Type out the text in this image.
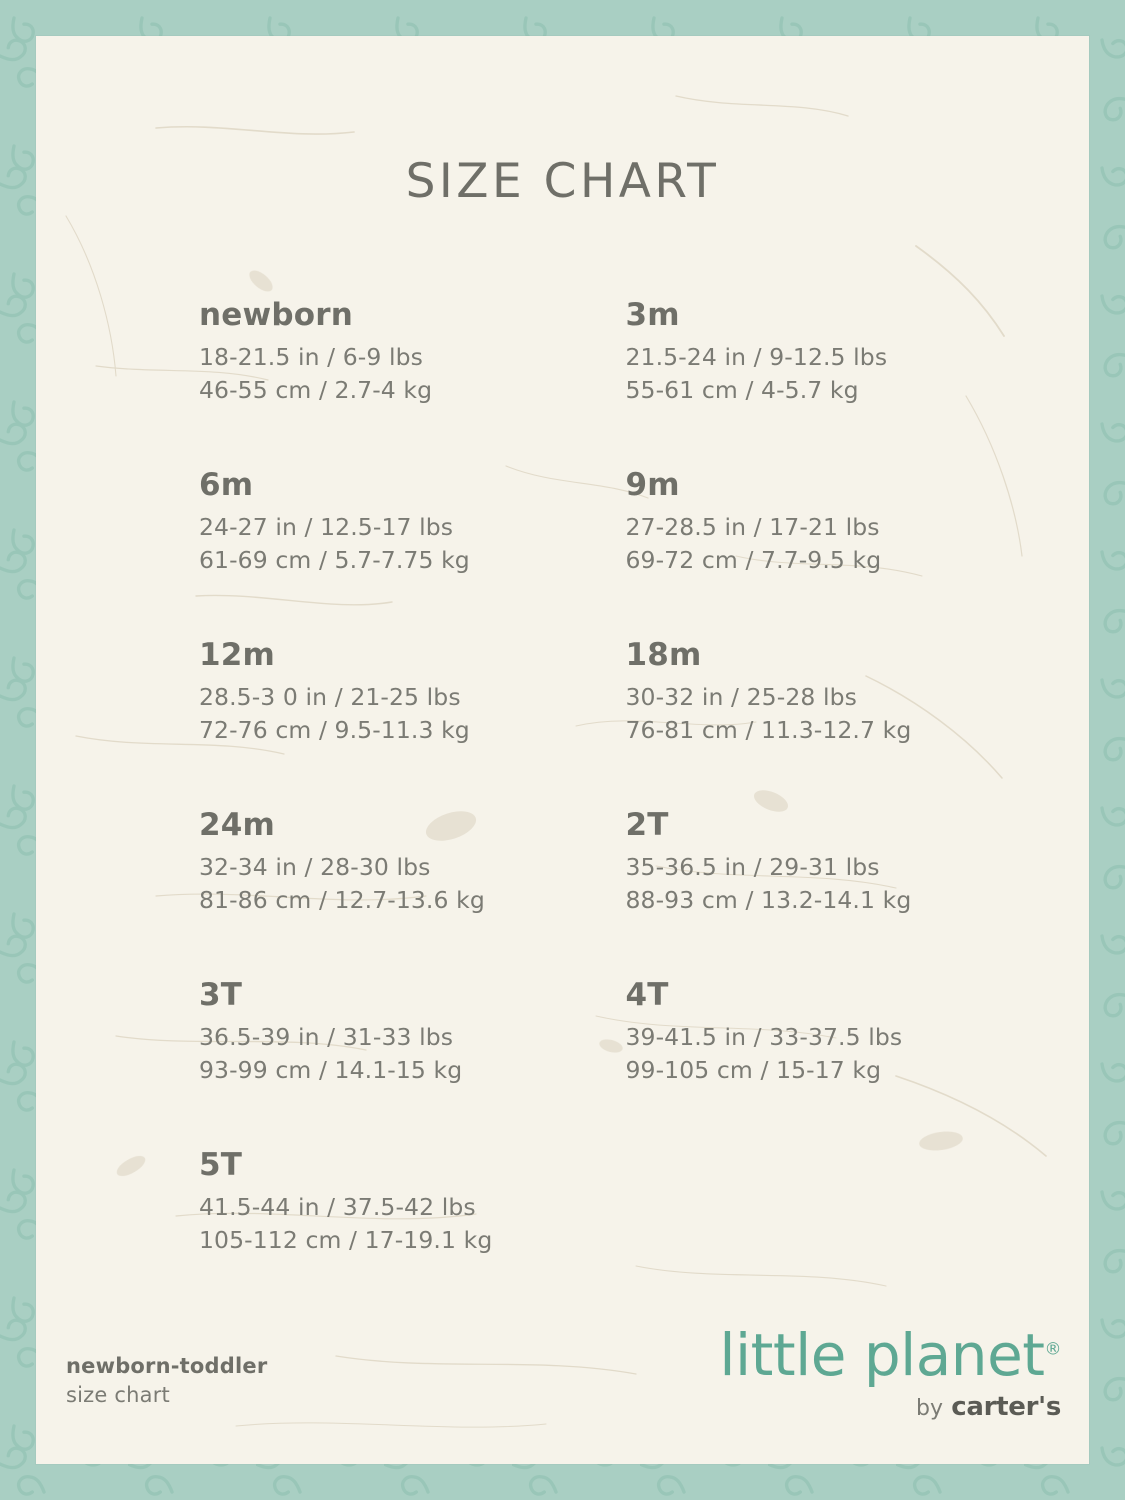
SIZE CHART
newborn
18-21.5 in / 6-9 lbs
46-55 cm / 2.7-4 kg
3m
21.5-24 in / 9-12.5 lbs
55-61 cm / 4-5.7 kg
6m
24-27 in / 12.5-17 lbs
61-69 cm / 5.7-7.75 kg
9m
27-28.5 in / 17-21 lbs
69-72 cm / 7.7-9.5 kg
12m
28.5-3 0 in / 21-25 lbs
72-76 cm / 9.5-11.3 kg
18m
30-32 in / 25-28 lbs
76-81 cm / 11.3-12.7 kg
24m
32-34 in / 28-30 lbs
81-86 cm / 12.7-13.6 kg
2T
35-36.5 in / 29-31 lbs
88-93 cm / 13.2-14.1 kg
3T
36.5-39 in / 31-33 lbs
93-99 cm / 14.1-15 kg
4T
39-41.5 in / 33-37.5 lbs
99-105 cm / 15-17 kg
5T
41.5-44 in / 37.5-42 lbs
105-112 cm / 17-19.1 kg
newborn-toddler
size chart
little planet®
by carter's
